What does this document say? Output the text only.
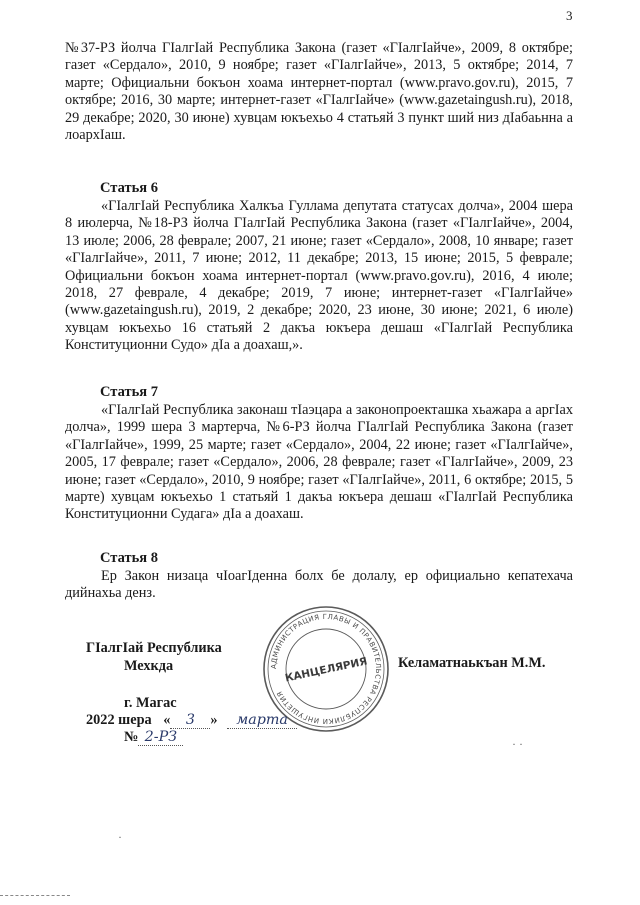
3

№37-РЗ йолча ГӀалгӀай Республика Закона (газет «ГӀалгӀайче», 2009, 8 октябре; газет «Сердало», 2010, 9 ноябре; газет «ГӀалгӀайче», 2013, 5 октябре; 2014, 7 марте; Официальни бокъон хоама интернет-портал (www.pravo.gov.ru), 2015, 7 октябре; 2016, 30 марте; интернет-газет «ГӀалгӀайче» (www.gazetaingush.ru), 2018, 29 декабре; 2020, 30 июне) хувцам юкъехьо 4 статьяй 3 пункт ший низ дӀабаьнна а лоархӀаш.

Статья 6

«ГӀалгӀай Республика Халкъа Гуллама депутата статусах долча», 2004 шера 8 июлерча, №18-РЗ йолча ГӀалгӀай Республика Закона (газет «ГӀалгӀайче», 2004, 13 июле; 2006, 28 феврале; 2007, 21 июне; газет «Сердало», 2008, 10 январе; газет «ГӀалгӀайче», 2011, 7 июне; 2012, 11 декабре; 2013, 15 июне; 2015, 5 феврале; Официальни бокъон хоама интернет-портал (www.pravo.gov.ru), 2016, 4 июле; 2018, 27 феврале, 4 декабре; 2019, 7 июне; интернет-газет «ГӀалгӀайче» (www.gazetaingush.ru), 2019, 2 декабре; 2020, 23 июне, 30 июне; 2021, 6 июле) хувцам юкъехьо 16 статьяй 2 дакъа юкъера дешаш «ГӀалгӀай Республика Конституционни Судо» дӀа а доахаш,».

Статья 7

«ГӀалгӀай Республика законаш тӀаэцара а законопроекташка хьажара а аргӀах долча», 1999 шера 3 мартерча, №6-РЗ йолча ГӀалгӀай Республика Закона (газет «ГӀалгӀайче», 1999, 25 марте; газет «Сердало», 2004, 22 июне; газет «ГӀалгӀайче», 2005, 17 феврале; газет «Сердало», 2006, 28 феврале; газет «ГӀалгӀайче», 2009, 23 июне; газет «Сердало», 2010, 9 ноябре; газет «ГӀалгӀайче», 2011, 6 октябре; 2015, 5 марте) хувцам юкъехьо 1 статьяй 1 дакъа юкъера дешаш «ГӀалгӀай Республика Конституционни Судага» дӀа а доахаш.

Статья 8

Ер Закон низаца чӀоагӀденна болх бе долалу, ер официально кепатехача дийнахьа денз.

АДМИНИСТРАЦИЯ ГЛАВЫ И ПРАВИТЕЛЬСТВА РЕСПУБЛИКИ ИНГУШЕТИЯ
КАНЦЕЛЯРИЯ

ГӀалгӀай Республика

Мехкда	Келаматнаькъан М.М.

г. Магас

2022 шера « 3 » марта

№ 2-РЗ	· ·
·
